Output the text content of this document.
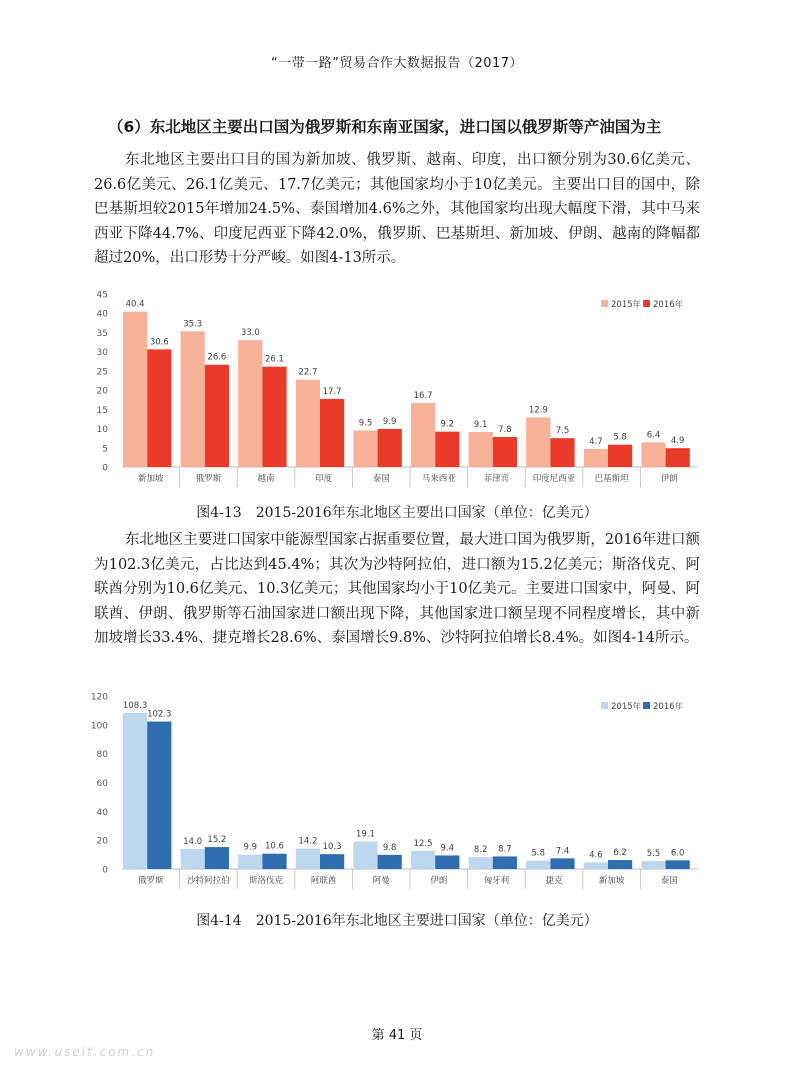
“一带一路”贸易合作大数据报告（2017）
（6）东北地区主要出口国为俄罗斯和东南亚国家，进口国以俄罗斯等产油国为主

东北地区主要出口目的国为新加坡、俄罗斯、越南、印度，出口额分别为30.6亿美元、26.6亿美元、26.1亿美元、17.7亿美元；其他国家均小于10亿美元。主要出口目的国中，除巴基斯坦较2015年增加24.5%、泰国增加4.6%之外，其他国家均出现大幅度下滑，其中马来西亚下降44.7%、印度尼西亚下降42.0%，俄罗斯、巴基斯坦、新加坡、伊朗、越南的降幅都超过20%，出口形势十分严峻。如图4-13所示。

0
5
10
15
20
25
30
35
40
45
40.4
30.6
新加坡
35.3
26.6
俄罗斯
33.0
26.1
越南
22.7
17.7
印度
9.5 9.9
泰国
16.7
9.2
马来西亚
9.1 7.8
菲律宾
12.9
7.5
印度尼西亚
4.7 5.8
巴基斯坦
6.4
4.9
伊朗
2015年 2016年
图4-13　2015-2016年东北地区主要出口国家（单位：亿美元）

东北地区主要进口国家中能源型国家占据重要位置，最大进口国为俄罗斯，2016年进口额为102.3亿美元，占比达到45.4%；其次为沙特阿拉伯，进口额为15.2亿美元；斯洛伐克、阿联酋分别为10.6亿美元、10.3亿美元；其他国家均小于10亿美元。主要进口国家中，阿曼、阿联酋、伊朗、俄罗斯等石油国家进口额出现下降，其他国家进口额呈现不同程度增长，其中新加坡增长33.4%、捷克增长28.6%、泰国增长9.8%、沙特阿拉伯增长8.4%。如图4-14所示。

0
20
40
60
80
100
120
108.3
102.3
俄罗斯
14.0 15.2
沙特阿拉伯
9.9 10.6
斯洛伐克
14.2
10.3
阿联酋
19.1
9.8
阿曼
12.5 9.4
伊朗
8.2 8.7
匈牙利
5.8 7.4
捷克
4.6 6.2
新加坡
5.5 6.0
泰国
2015年 2016年
图4-14　2015-2016年东北地区主要进口国家（单位：亿美元）
第 41 页
www.useit.com.cn
